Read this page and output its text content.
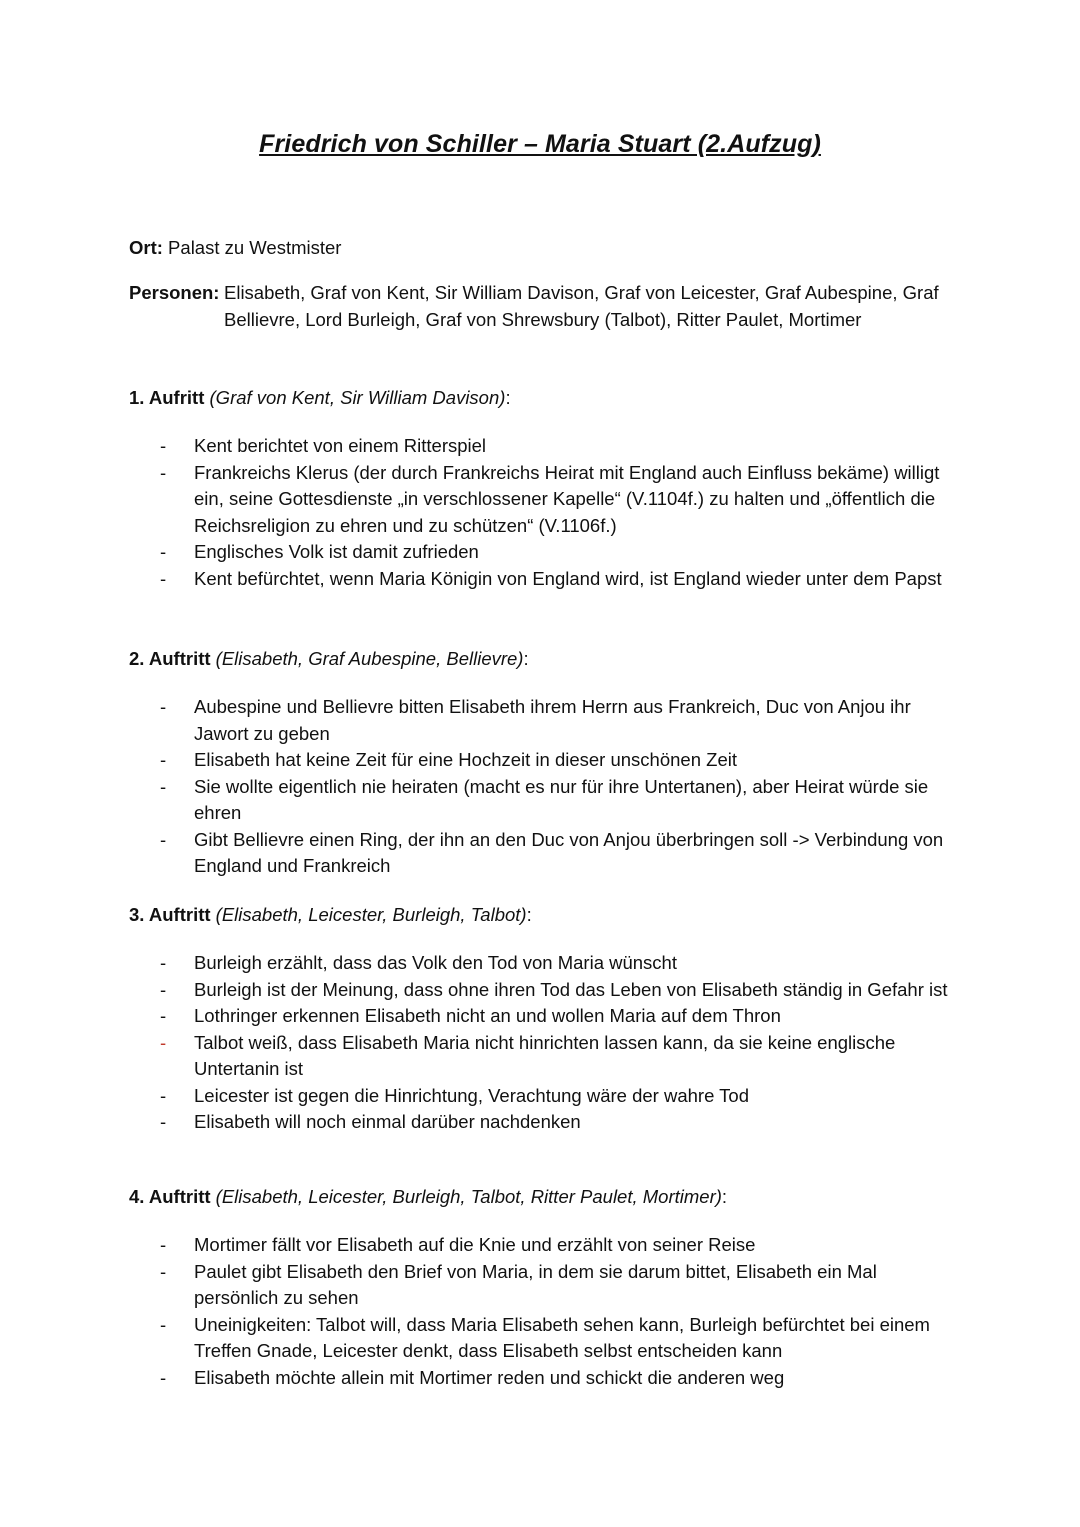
Friedrich von Schiller – Maria Stuart (2.Aufzug)
Ort: Palast zu Westmister
Personen: Elisabeth, Graf von Kent, Sir William Davison, Graf von Leicester, Graf Aubespine, Graf Bellievre, Lord Burleigh, Graf von Shrewsbury (Talbot), Ritter Paulet, Mortimer
1. Aufritt (Graf von Kent, Sir William Davison):
- Kent berichtet von einem Ritterspiel
- Frankreichs Klerus (der durch Frankreichs Heirat mit England auch Einfluss bekäme) willigt ein, seine Gottesdienste „in verschlossener Kapelle“ (V.1104f.) zu halten und „öffentlich die Reichsreligion zu ehren und zu schützen“ (V.1106f.)
- Englisches Volk ist damit zufrieden
- Kent befürchtet, wenn Maria Königin von England wird, ist England wieder unter dem Papst
2. Auftritt (Elisabeth, Graf Aubespine, Bellievre):
- Aubespine und Bellievre bitten Elisabeth ihrem Herrn aus Frankreich, Duc von Anjou ihr Jawort zu geben
- Elisabeth hat keine Zeit für eine Hochzeit in dieser unschönen Zeit
- Sie wollte eigentlich nie heiraten (macht es nur für ihre Untertanen), aber Heirat würde sie ehren
- Gibt Bellievre einen Ring, der ihn an den Duc von Anjou überbringen soll -> Verbindung von England und Frankreich
3. Auftritt (Elisabeth, Leicester, Burleigh, Talbot):
- Burleigh erzählt, dass das Volk den Tod von Maria wünscht
- Burleigh ist der Meinung, dass ohne ihren Tod das Leben von Elisabeth ständig in Gefahr ist
- Lothringer erkennen Elisabeth nicht an und wollen Maria auf dem Thron
- Talbot weiß, dass Elisabeth Maria nicht hinrichten lassen kann, da sie keine englische Untertanin ist
- Leicester ist gegen die Hinrichtung, Verachtung wäre der wahre Tod
- Elisabeth will noch einmal darüber nachdenken
4. Auftritt (Elisabeth, Leicester, Burleigh, Talbot, Ritter Paulet, Mortimer):
- Mortimer fällt vor Elisabeth auf die Knie und erzählt von seiner Reise
- Paulet gibt Elisabeth den Brief von Maria, in dem sie darum bittet, Elisabeth ein Mal persönlich zu sehen
- Uneinigkeiten: Talbot will, dass Maria Elisabeth sehen kann, Burleigh befürchtet bei einem Treffen Gnade, Leicester denkt, dass Elisabeth selbst entscheiden kann
- Elisabeth möchte allein mit Mortimer reden und schickt die anderen weg
